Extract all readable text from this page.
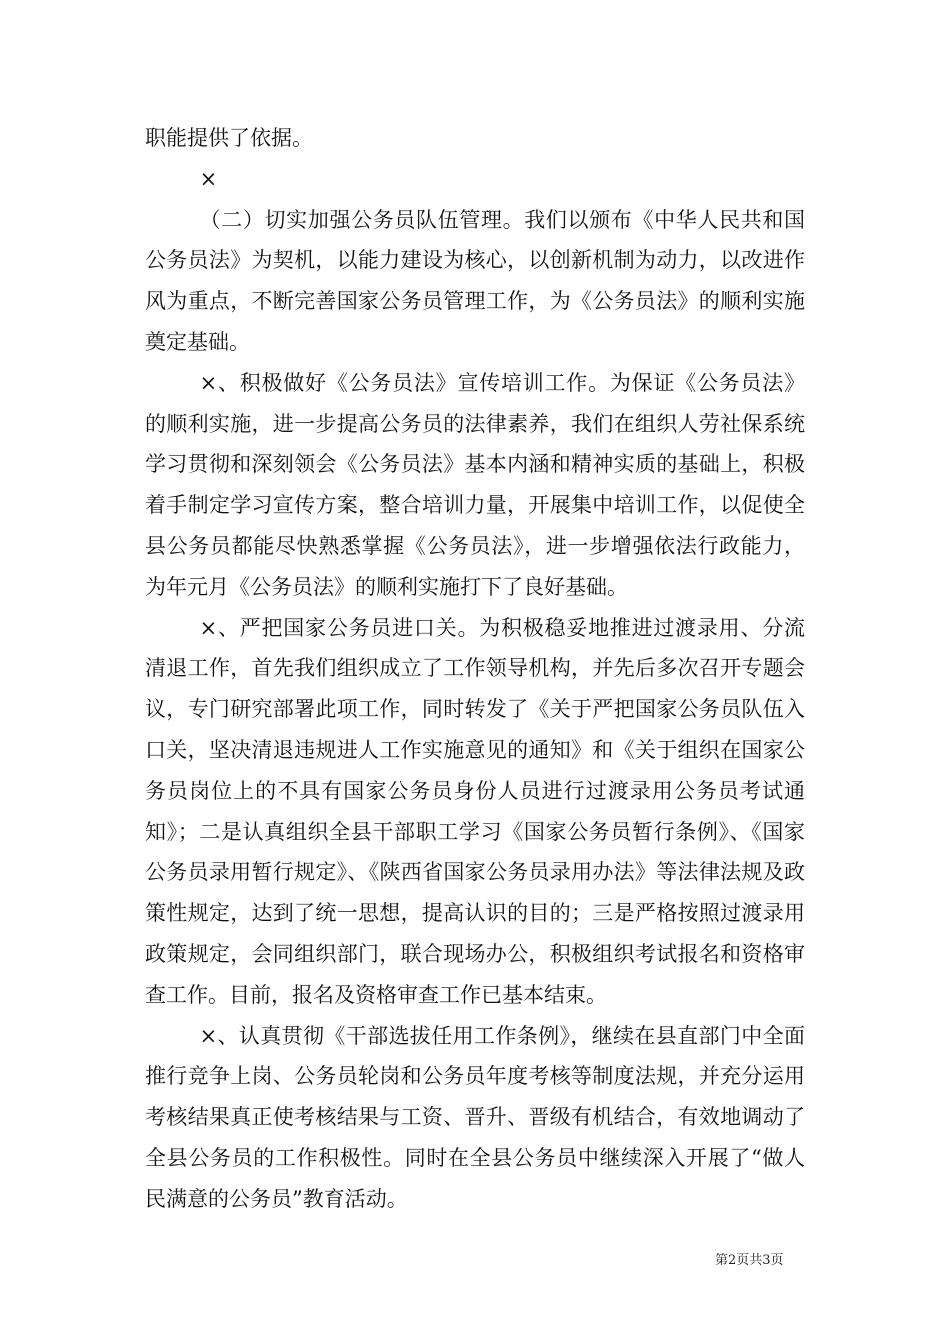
职能提供了依据。

×

（二）切实加强公务员队伍管理。我们以颁布《中华人民共和国公务员法》为契机，以能力建设为核心，以创新机制为动力，以改进作风为重点，不断完善国家公务员管理工作，为《公务员法》的顺利实施奠定基础。

×、积极做好《公务员法》宣传培训工作。为保证《公务员法》的顺利实施，进一步提高公务员的法律素养，我们在组织人劳社保系统学习贯彻和深刻领会《公务员法》基本内涵和精神实质的基础上，积极着手制定学习宣传方案，整合培训力量，开展集中培训工作，以促使全县公务员都能尽快熟悉掌握《公务员法》，进一步增强依法行政能力，为年元月《公务员法》的顺利实施打下了良好基础。

×、严把国家公务员进口关。为积极稳妥地推进过渡录用、分流清退工作，首先我们组织成立了工作领导机构，并先后多次召开专题会议，专门研究部署此项工作，同时转发了《关于严把国家公务员队伍入口关，坚决清退违规进人工作实施意见的通知》和《关于组织在国家公务员岗位上的不具有国家公务员身份人员进行过渡录用公务员考试通知》；二是认真组织全县干部职工学习《国家公务员暂行条例》、《国家公务员录用暂行规定》、《陕西省国家公务员录用办法》等法律法规及政策性规定，达到了统一思想，提高认识的目的；三是严格按照过渡录用政策规定，会同组织部门，联合现场办公，积极组织考试报名和资格审查工作。目前，报名及资格审查工作已基本结束。

×、认真贯彻《干部选拔任用工作条例》，继续在县直部门中全面推行竞争上岗、公务员轮岗和公务员年度考核等制度法规，并充分运用考核结果真正使考核结果与工资、晋升、晋级有机结合，有效地调动了全县公务员的工作积极性。同时在全县公务员中继续深入开展了“做人民满意的公务员”教育活动。

第2页共3页
